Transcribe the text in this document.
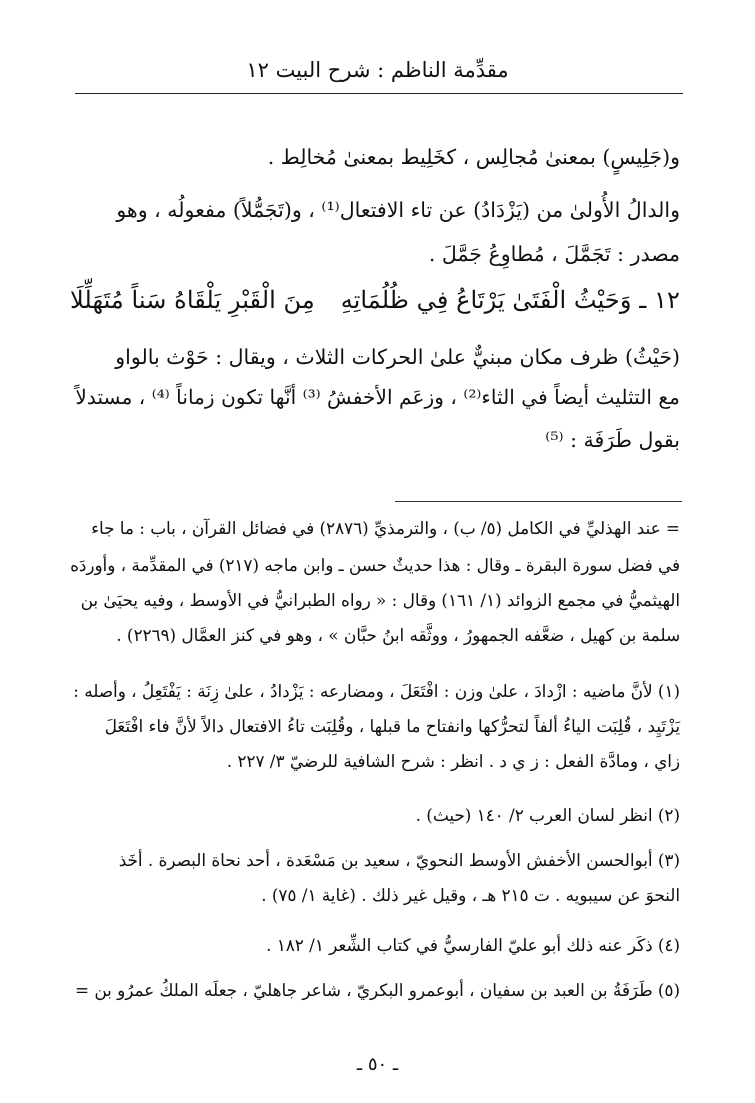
مقدِّمة الناظم : شرح البيت ١٢
و(جَلِيسٍ) بمعنىٰ مُجالِس ، كخَلِيط بمعنىٰ مُخالِط .
والدالُ الأُولىٰ من (يَزْدَادُ) عن تاء الافتعال⁽¹⁾ ، و(تَجَمُّلاً) مفعولُه ، وهو
مصدر : تَجَمَّلَ ، مُطاوِعُ جَمَّلَ .
١٢ ـ وَحَيْثُ الْفَتَىٰ يَرْتَاعُ فِي ظُلُمَاتِهِ
مِنَ الْقَبْرِ يَلْقَاهُ سَناً مُتَهَلِّلَا
(حَيْثُ) ظرف مكان مبنيٌّ علىٰ الحركات الثلاث ، ويقال : حَوْث بالواو
مع التثليث أيضاً في الثاء⁽²⁾ ، وزعَم الأخفشُ ⁽³⁾ أنَّها تكون زماناً ⁽⁴⁾ ، مستدلاً
بقول طَرَفَة : ⁽⁵⁾
= عند الهذليِّ في الكامل (٥/ ب) ، والترمذيِّ (٢٨٧٦) في فضائل القرآن ، باب : ما جاء
في فضل سورة البقرة ـ وقال : هذا حديثٌ حسن ـ وابن ماجه (٢١٧) في المقدِّمة ، وأوردَه
الهيثميُّ في مجمع الزوائد (١/ ١٦١) وقال : « رواه الطبرانيُّ في الأوسط ، وفيه يحيَىٰ بن
سلمة بن كهيل ، ضعَّفه الجمهورُ ، ووثَّقه ابنُ حبَّان » ، وهو في كنز العمَّال (٢٢٦٩) .
(١) لأنَّ ماضيه : ازْدادَ ، علىٰ وزن : افْتَعَلَ ، ومضارعه : يَزْدادُ ، علىٰ زِنَة : يَفْتَعِلُ ، وأصله :
يَزْتَيِد ، قُلِبَت الياءُ ألفاً لتحرُّكها وانفتاح ما قبلها ، وقُلِبَت تاءُ الافتعال دالاً لأنَّ فاء افْتَعَلَ
زاي ، ومادَّة الفعل : ز ي د . انظر : شرح الشافية للرضيّ ٣/ ٢٢٧ .
(٢) انظر لسان العرب ٢/ ١٤٠ (حيث) .
(٣) أبوالحسن الأخفش الأوسط النحويّ ، سعيد بن مَسْعَدة ، أحد نحاة البصرة . أخَذ
النحوَ عن سيبويه . ت ٢١٥ هـ ، وقيل غير ذلك . (غاية ١/ ٧٥) .
(٤) ذكَر عنه ذلك أبو عليّ الفارسيُّ في كتاب الشِّعر ١/ ١٨٢ .
(٥) طَرَفَةُ بن العبد بن سفيان ، أبوعمرو البكريّ ، شاعر جاهليّ ، جعلَه الملكُ عمرُو بن =
ـ ٥٠ ـ
